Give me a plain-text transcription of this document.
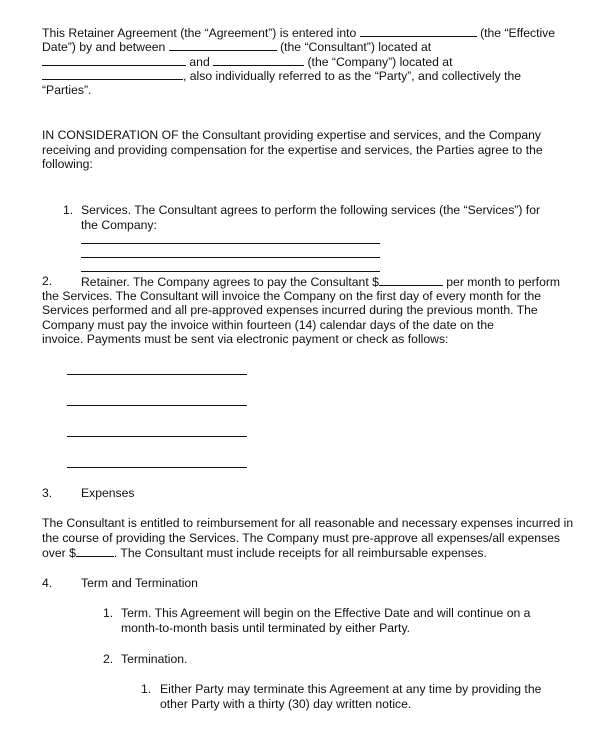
This Retainer Agreement (the “Agreement”) is entered into	(the “Effective
Date”) by and between	(the “Consultant”) located at
and	(the “Company”) located at
, also individually referred to as the “Party”, and collectively the
“Parties”.
IN CONSIDERATION OF the Consultant providing expertise and services, and the Company receiving and providing compensation for the expertise and services, the Parties agree to the following:
1. Services. The Consultant agrees to perform the following services (the “Services”) for the Company:
2. Retainer. The Company agrees to pay the Consultant $	per month to perform
the Services. The Consultant will invoice the Company on the first day of every month for the
Services performed and all pre-approved expenses incurred during the previous month. The
Company must pay the invoice within fourteen (14) calendar days of the date on the
invoice. Payments must be sent via electronic payment or check as follows:
3. Expenses
The Consultant is entitled to reimbursement for all reasonable and necessary expenses incurred in
the course of providing the Services. The Company must pre-approve all expenses/all expenses
over $	. The Consultant must include receipts for all reimbursable expenses.
4. Term and Termination
1. Term. This Agreement will begin on the Effective Date and will continue on a
month-to-month basis until terminated by either Party.
2. Termination.
1. Either Party may terminate this Agreement at any time by providing the
other Party with a thirty (30) day written notice.
